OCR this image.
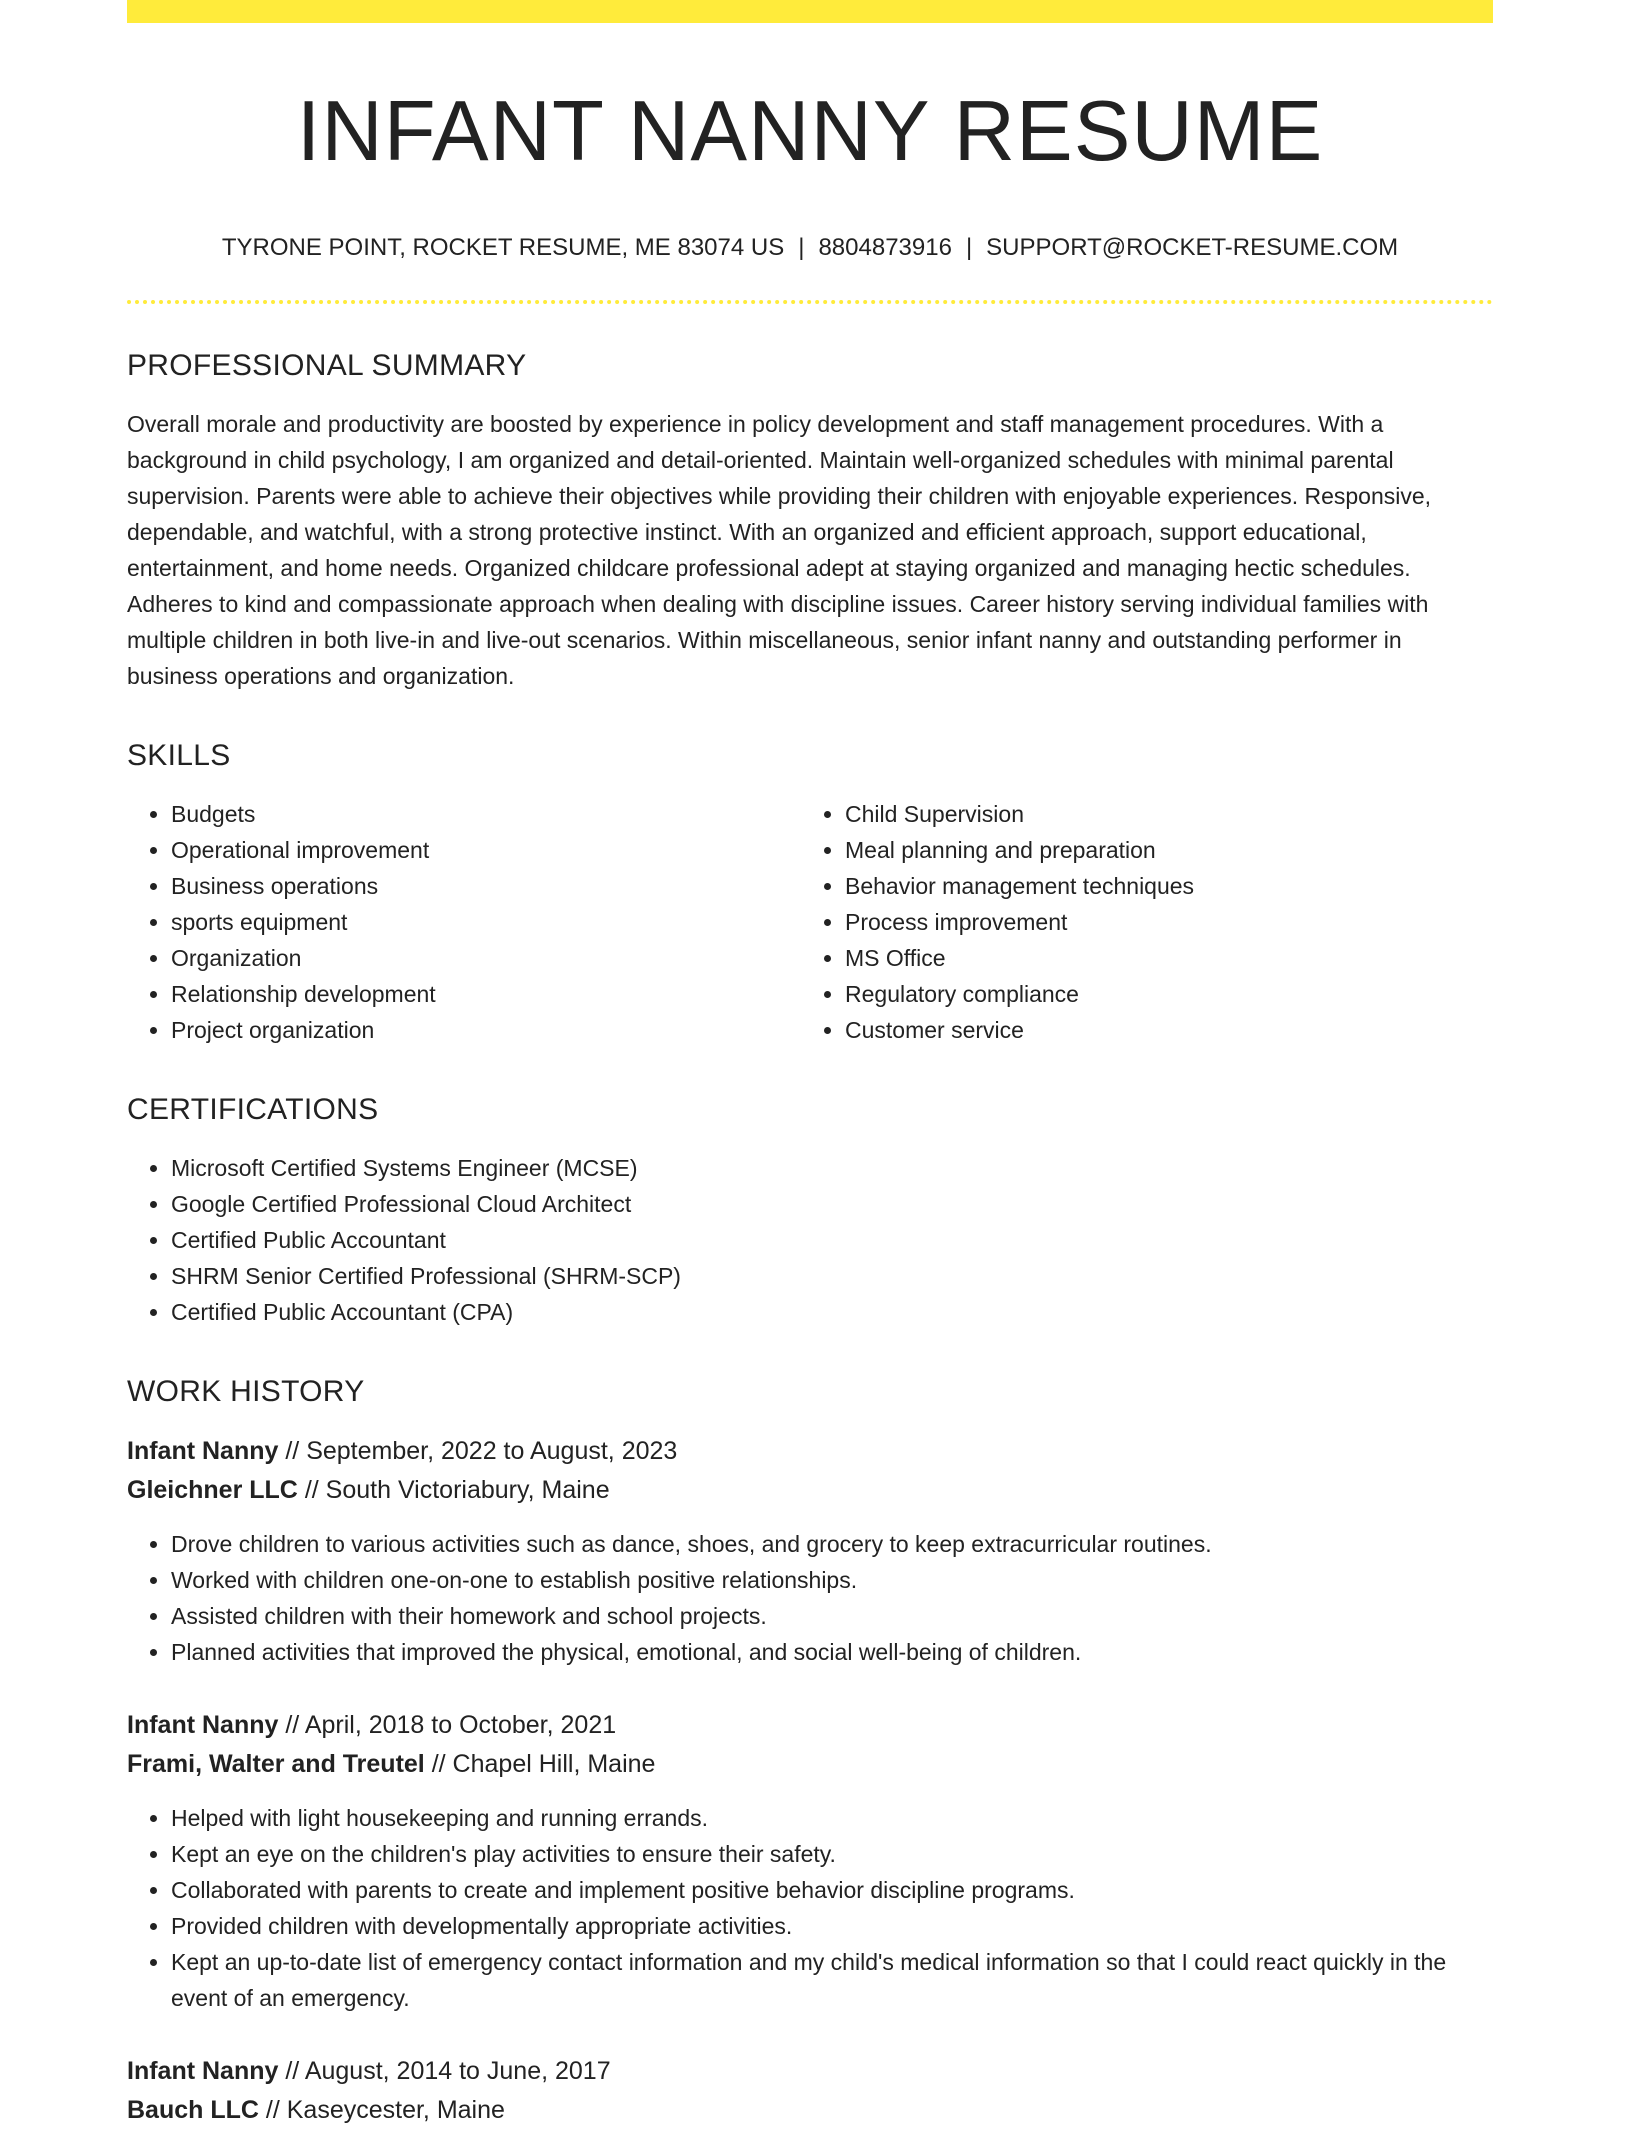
INFANT NANNY RESUME
TYRONE POINT, ROCKET RESUME, ME 83074 US | 8804873916 | SUPPORT@ROCKET-RESUME.COM
PROFESSIONAL SUMMARY

Overall morale and productivity are boosted by experience in policy development and staff management procedures. With a background in child psychology, I am organized and detail-oriented. Maintain well-organized schedules with minimal parental supervision. Parents were able to achieve their objectives while providing their children with enjoyable experiences. Responsive, dependable, and watchful, with a strong protective instinct. With an organized and efficient approach, support educational, entertainment, and home needs. Organized childcare professional adept at staying organized and managing hectic schedules. Adheres to kind and compassionate approach when dealing with discipline issues. Career history serving individual families with multiple children in both live-in and live-out scenarios. Within miscellaneous, senior infant nanny and outstanding performer in business operations and organization.

SKILLS
• Budgets
• Operational improvement
• Business operations
• sports equipment
• Organization
• Relationship development
• Project organization
• Child Supervision
• Meal planning and preparation
• Behavior management techniques
• Process improvement
• MS Office
• Regulatory compliance
• Customer service
CERTIFICATIONS
• Microsoft Certified Systems Engineer (MCSE)
• Google Certified Professional Cloud Architect
• Certified Public Accountant
• SHRM Senior Certified Professional (SHRM-SCP)
• Certified Public Accountant (CPA)
WORK HISTORY
Infant Nanny // September, 2022 to August, 2023
Gleichner LLC // South Victoriabury, Maine
• Drove children to various activities such as dance, shoes, and grocery to keep extracurricular routines.
• Worked with children one-on-one to establish positive relationships.
• Assisted children with their homework and school projects.
• Planned activities that improved the physical, emotional, and social well-being of children.
Infant Nanny // April, 2018 to October, 2021
Frami, Walter and Treutel // Chapel Hill, Maine
• Helped with light housekeeping and running errands.
• Kept an eye on the children's play activities to ensure their safety.
• Collaborated with parents to create and implement positive behavior discipline programs.
• Provided children with developmentally appropriate activities.
• Kept an up-to-date list of emergency contact information and my child's medical information so that I could react quickly in the event of an emergency.
Infant Nanny // August, 2014 to June, 2017
Bauch LLC // Kaseycester, Maine
